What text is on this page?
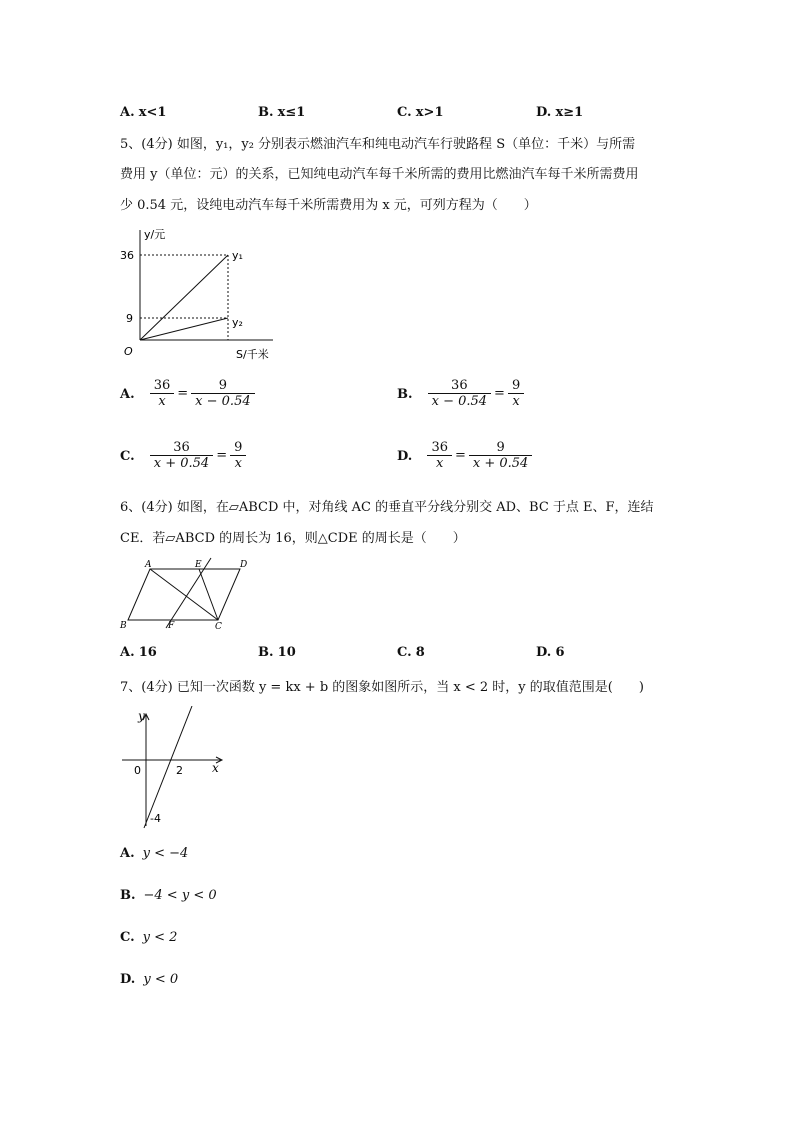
A. x<1	B. x≤1	C. x>1	D. x≥1
5、(4分) 如图，y₁，y₂ 分别表示燃油汽车和纯电动汽车行驶路程 S（单位：千米）与所需
费用 y（单位：元）的关系，已知纯电动汽车每千米所需的费用比燃油汽车每千米所需费用
少 0.54 元，设纯电动汽车每千米所需费用为 x 元，可列方程为（　　）
y/元
S/千米
O
36
9
y₁
y₂
A. $\frac{36}{x} = \frac{9}{x - 0.54}$	B. $\frac{36}{x - 0.54} = \frac{9}{x}$
C. $\frac{36}{x + 0.54} = \frac{9}{x}$	D. $\frac{36}{x} = \frac{9}{x + 0.54}$
6、(4分) 如图，在▱ABCD 中，对角线 AC 的垂直平分线分别交 AD、BC 于点 E、F，连结
CE．若▱ABCD 的周长为 16，则△CDE 的周长是（　　）
A
B	C
D
E
F
A. 16	B. 10	C. 8	D. 6
7、(4分) 已知一次函数 y = kx + b 的图象如图所示，当 x < 2 时，y 的取值范围是(　　)
y
x
0	2
-4
A. y < −4
B. −4 < y < 0
C. y < 2
D. y < 0
